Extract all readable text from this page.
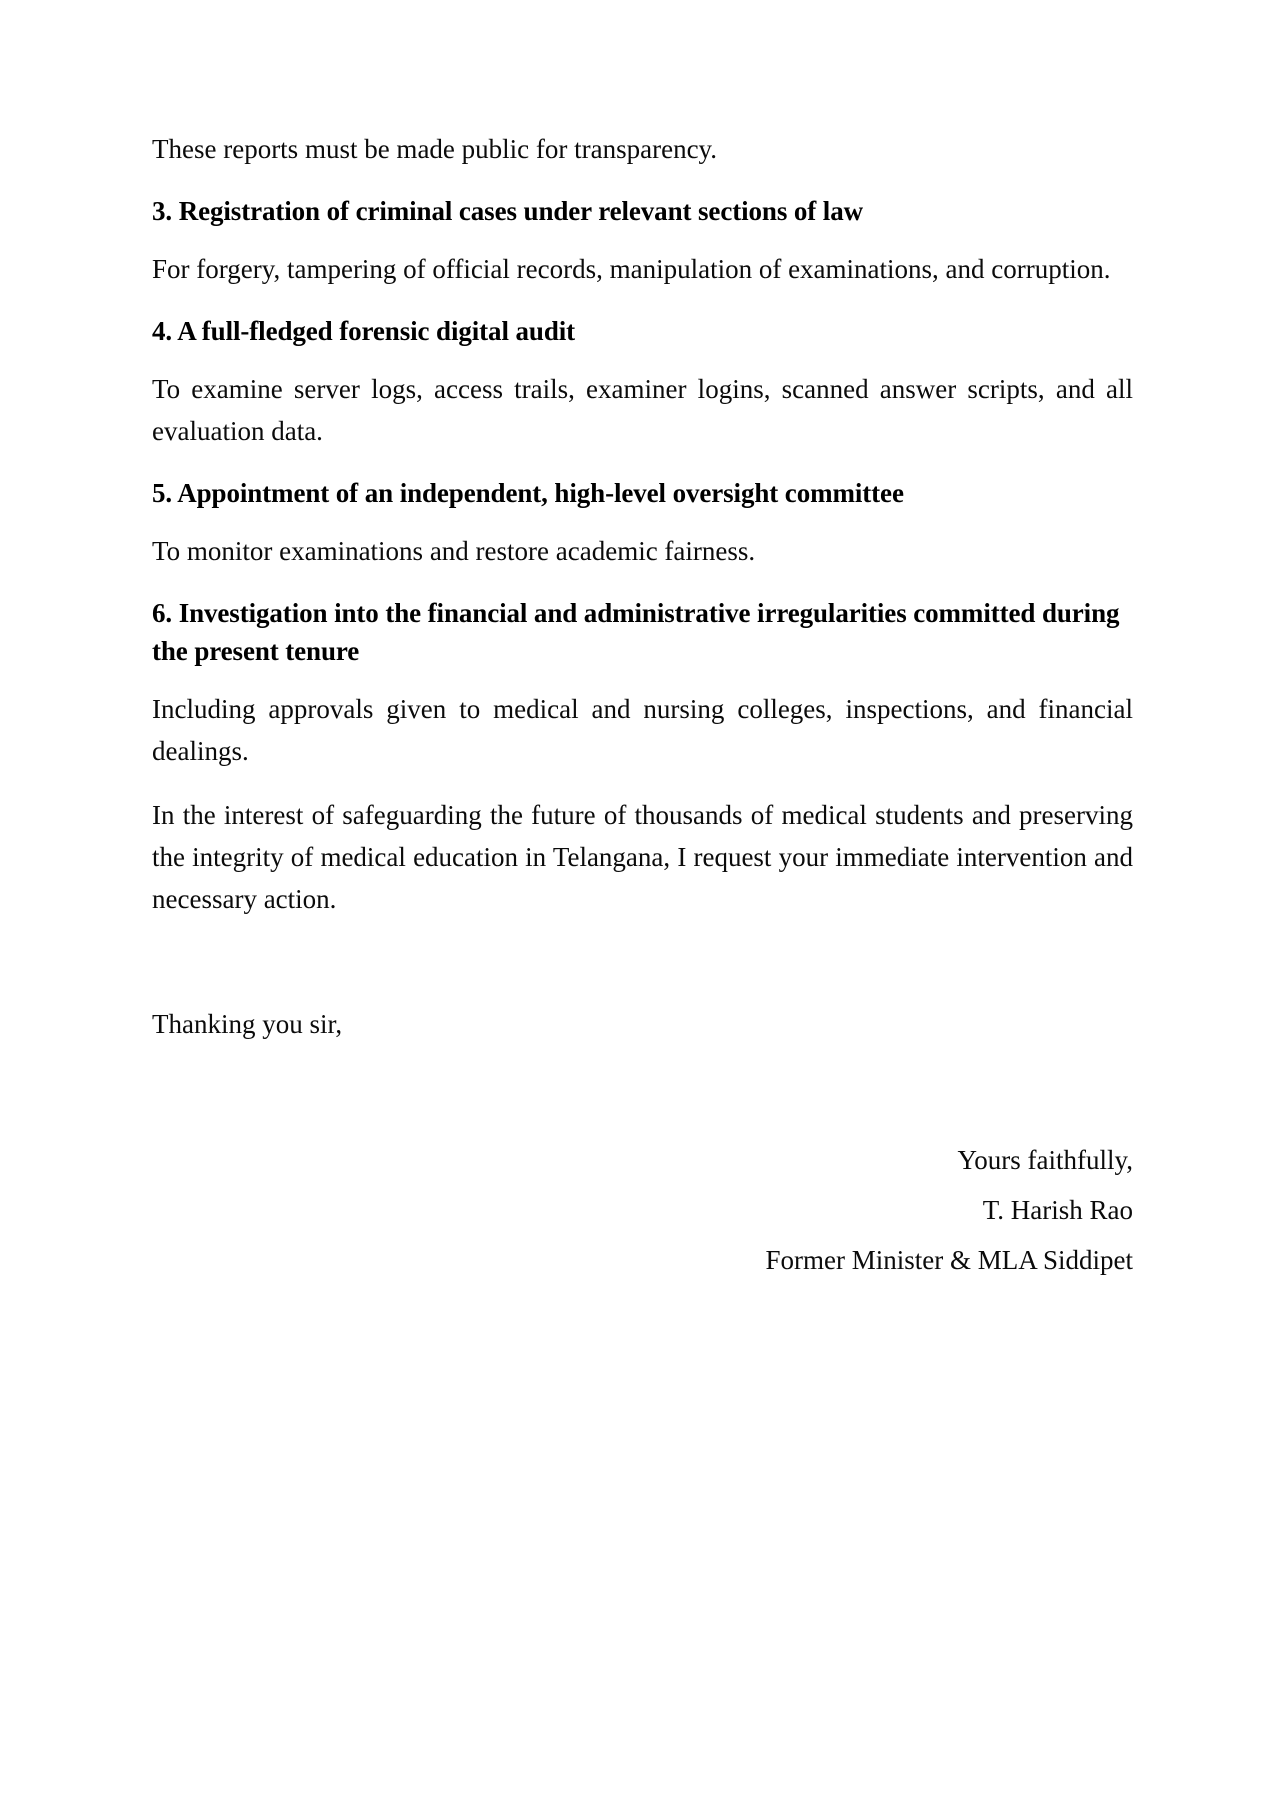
These reports must be made public for transparency.

3. Registration of criminal cases under relevant sections of law

For forgery, tampering of official records, manipulation of examinations, and corruption.

4. A full-fledged forensic digital audit

To examine server logs, access trails, examiner logins, scanned answer scripts, and all evaluation data.

5. Appointment of an independent, high-level oversight committee

To monitor examinations and restore academic fairness.

6. Investigation into the financial and administrative irregularities committed during the present tenure

Including approvals given to medical and nursing colleges, inspections, and financial dealings.

In the interest of safeguarding the future of thousands of medical students and preserving the integrity of medical education in Telangana, I request your immediate intervention and necessary action.

Thanking you sir,

Yours faithfully,
T. Harish Rao
Former Minister & MLA Siddipet
